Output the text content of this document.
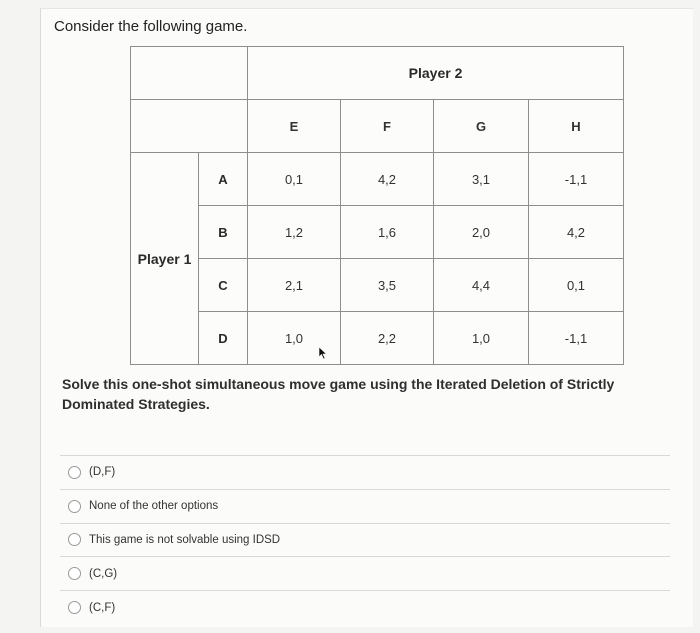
Consider the following game.
		Player 2			
		E	F	G	H
Player 1	A	0,1	4,2	3,1	-1,1
	B	1,2	1,6	2,0	4,2
	C	2,1	3,5	4,4	0,1
	D	1,0	2,2	1,0	-1,1
Solve this one-shot simultaneous move game using the Iterated Deletion of Strictly Dominated Strategies.
(D,F)
None of the other options
This game is not solvable using IDSD
(C,G)
(C,F)
